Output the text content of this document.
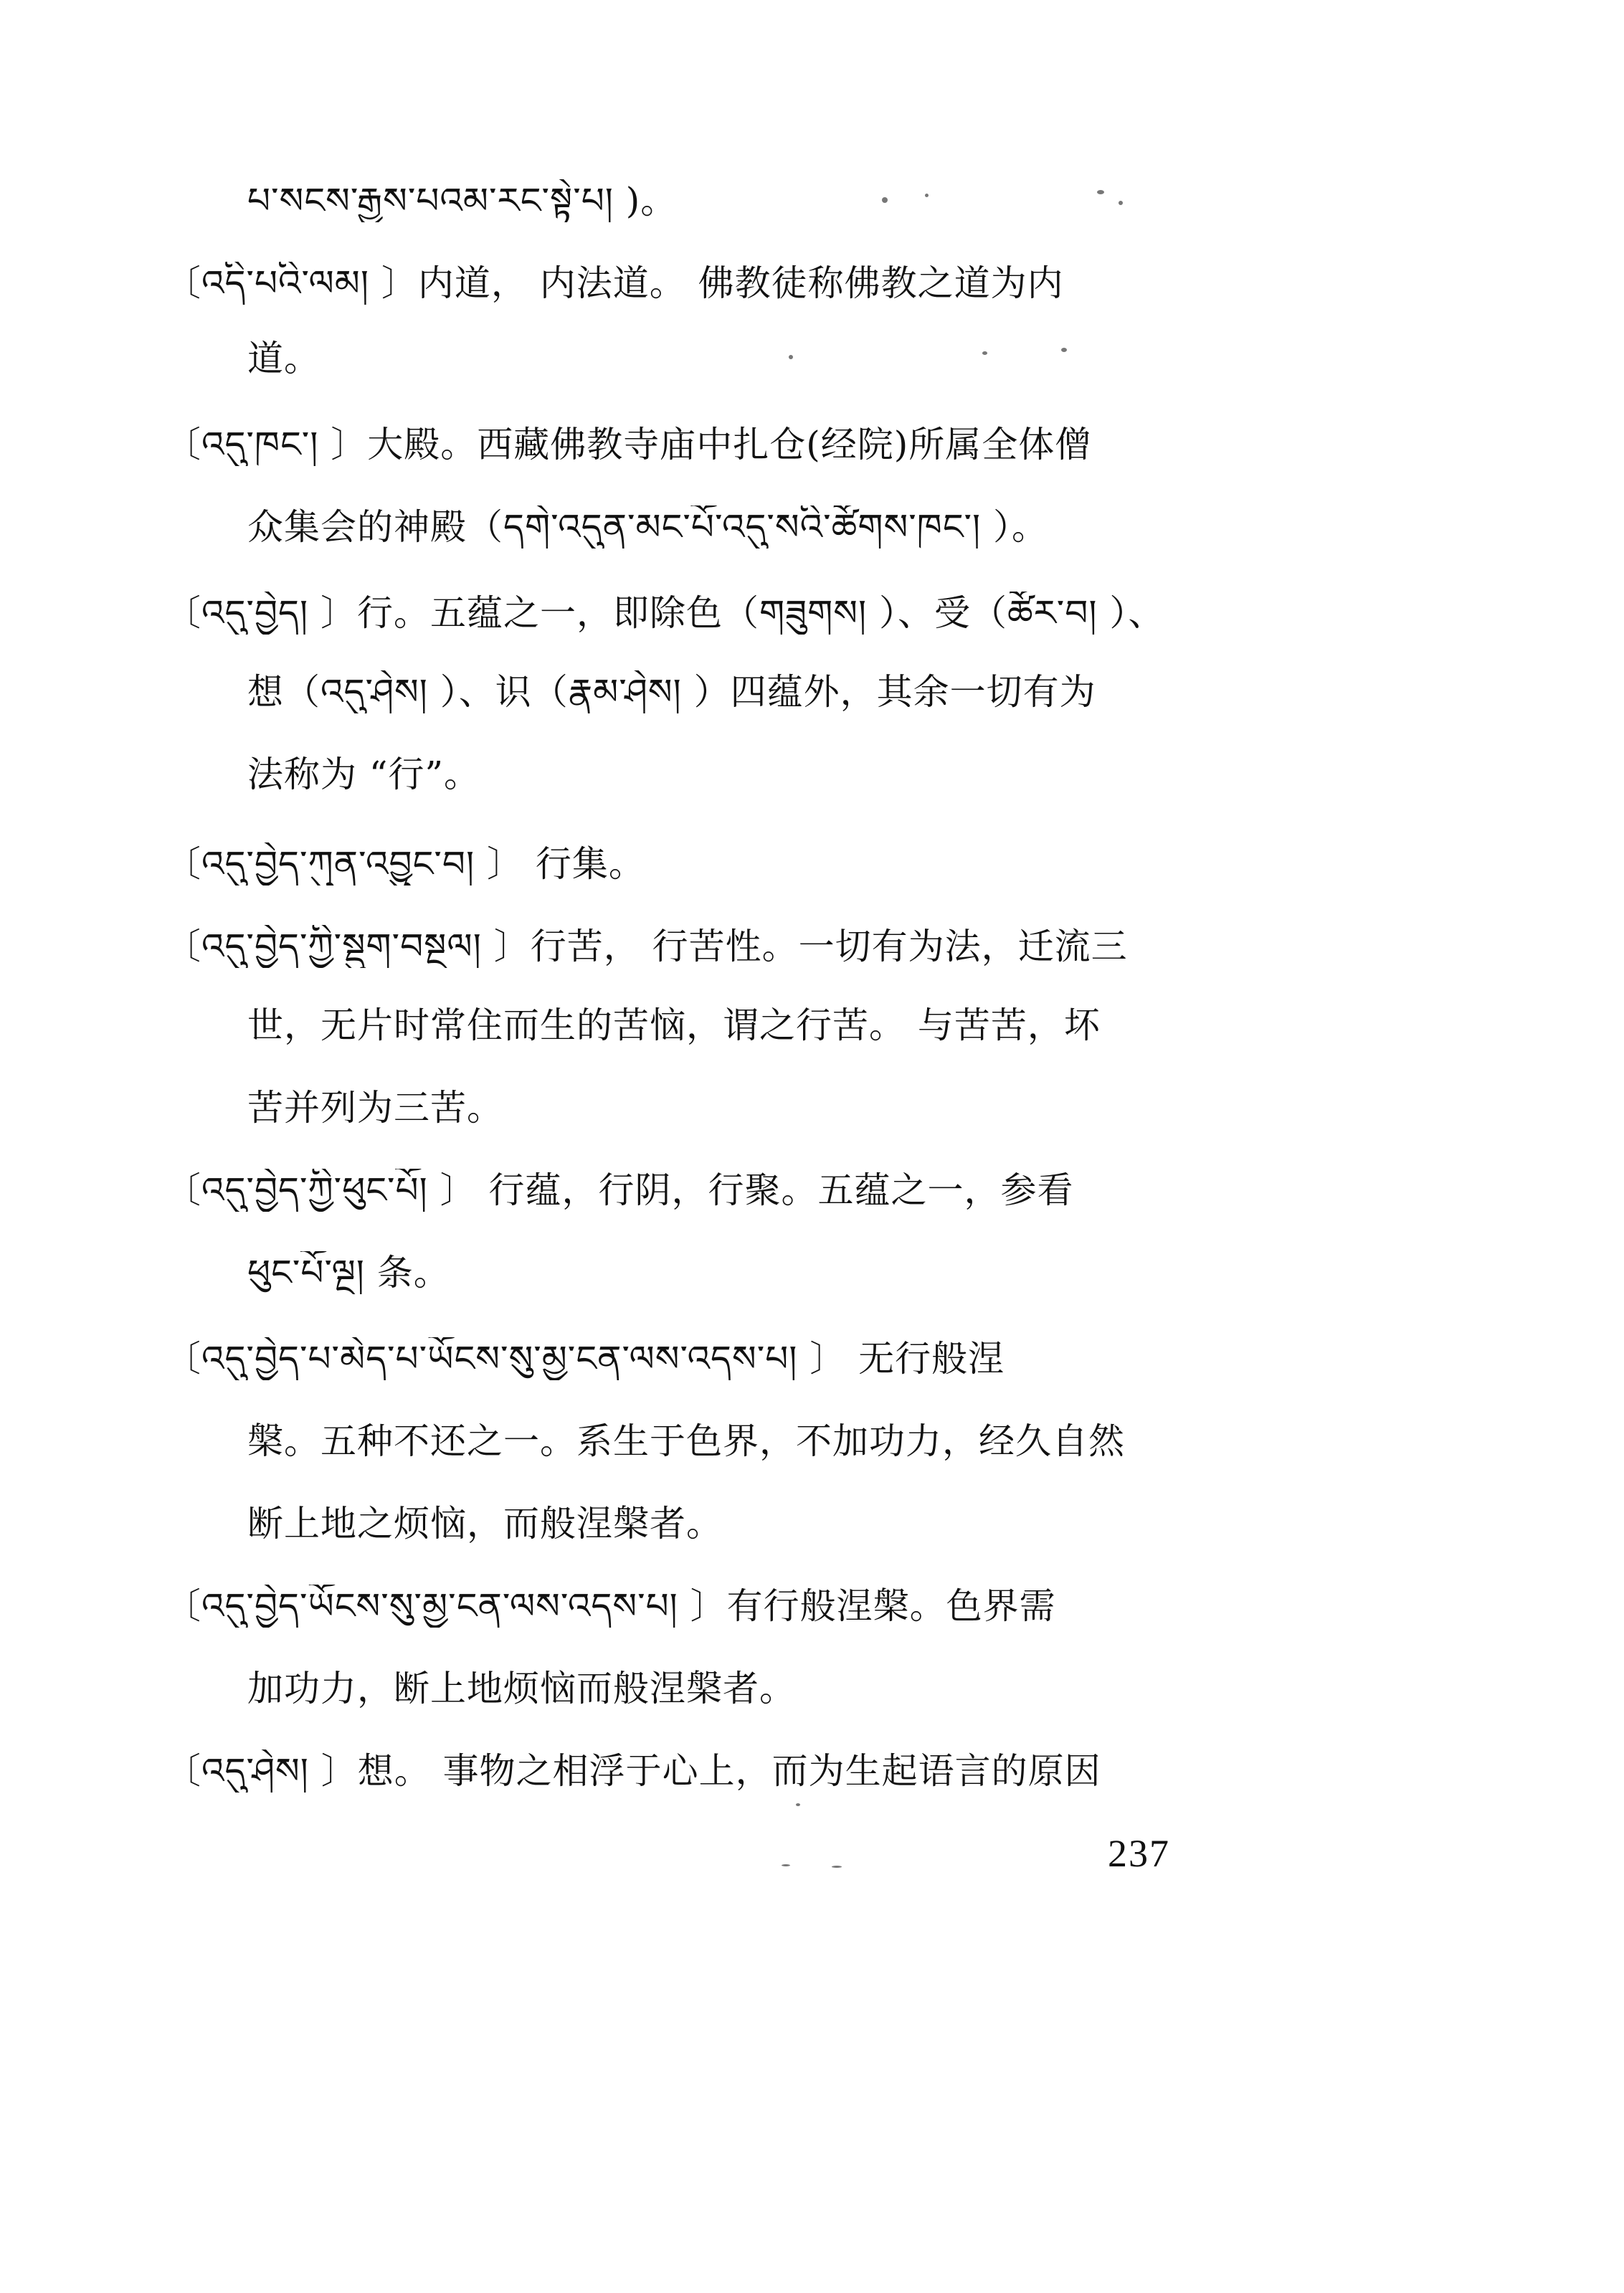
པ་སངས་རྒྱས་པའམ་རང་སྟེ་པ། )。
〔འདི་པའི་ལམ། 〕内道， 内法道。 佛教徒称佛教之道为内
道。
〔འདུ་ཁང་། 〕大殿。西藏佛教寺庙中扎仓(经院)所属全体僧
众集会的神殿（དགེ་འདུན་མང་པོ་འདུ་སའི་ཚོགས་ཁང་། ）。
〔འདུ་བྱེད། 〕行。五蕴之一，即除色（གཟུགས། ）、受（ཚོར་བ། ）、
想（འདུ་ཤེས། ）、识（རྣམ་ཤེས། ）四蕴外，其余一切有为
法称为 “行”。
〔འདུ་བྱེད་ཀུན་འབྱུང་བ། 〕 行集。
〔འདུ་བྱེད་ཀྱི་སྡུག་བསྔལ། 〕行苦， 行苦性。一切有为法，迁流三
世，无片时常住而生的苦恼，谓之行苦。 与苦苦，坏
苦并列为三苦。
〔འདུ་བྱེད་ཀྱི་ཕུང་པོ། 〕 行蕴，行阴，行聚。五蕴之一，参看
ཕུང་པོ་ལྔ། 条。
〔འདུ་བྱེད་པ་མེད་པ་ཡོངས་སུ་མྱ་ངན་ལས་འདས་པ། 〕 无行般涅
槃。五种不还之一。系生于色界，不加功力，经久自然
断上地之烦恼，而般涅槃者。
〔འདུ་བྱེད་ཡོངས་སུ་མྱ་ངན་ལས་འདས་པ། 〕有行般涅槃。色界需
加功力，断上地烦恼而般涅槃者。
〔འདུ་ཤེས། 〕想。 事物之相浮于心上，而为生起语言的原因
237
